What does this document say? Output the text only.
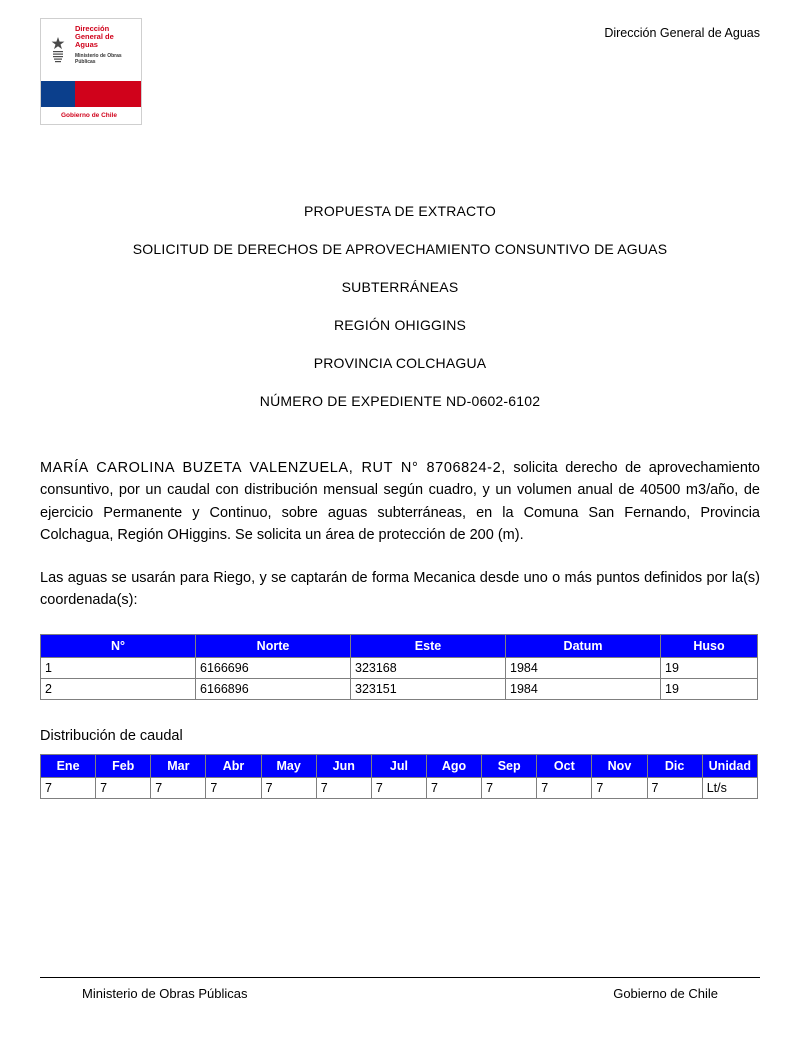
Dirección
General de
Aguas
Ministerio de Obras
Públicas
Gobierno de Chile
Dirección General de Aguas
PROPUESTA DE EXTRACTO
SOLICITUD DE DERECHOS DE APROVECHAMIENTO CONSUNTIVO DE AGUAS
SUBTERRÁNEAS
REGIÓN OHIGGINS
PROVINCIA COLCHAGUA
NÚMERO DE EXPEDIENTE ND-0602-6102

MARÍA CAROLINA BUZETA VALENZUELA, RUT N° 8706824-2, solicita derecho de aprovechamiento consuntivo, por un caudal con distribución mensual según cuadro, y un volumen anual de 40500 m3/año, de ejercicio Permanente y Continuo, sobre aguas subterráneas, en la Comuna San Fernando, Provincia Colchagua, Región OHiggins. Se solicita un área de protección de 200 (m).

Las aguas se usarán para Riego, y se captarán de forma Mecanica desde uno o más puntos definidos por la(s) coordenada(s):

N°	Norte	Este	Datum	Huso
1	6166696	323168	1984	19
2	6166896	323151	1984	19
Distribución de caudal
Ene	Feb	Mar	Abr	May	Jun	Jul	Ago	Sep	Oct	Nov	Dic	Unidad
7	7	7	7	7	7	7	7	7	7	7	7	Lt/s
Ministerio de Obras Públicas	Gobierno de Chile
